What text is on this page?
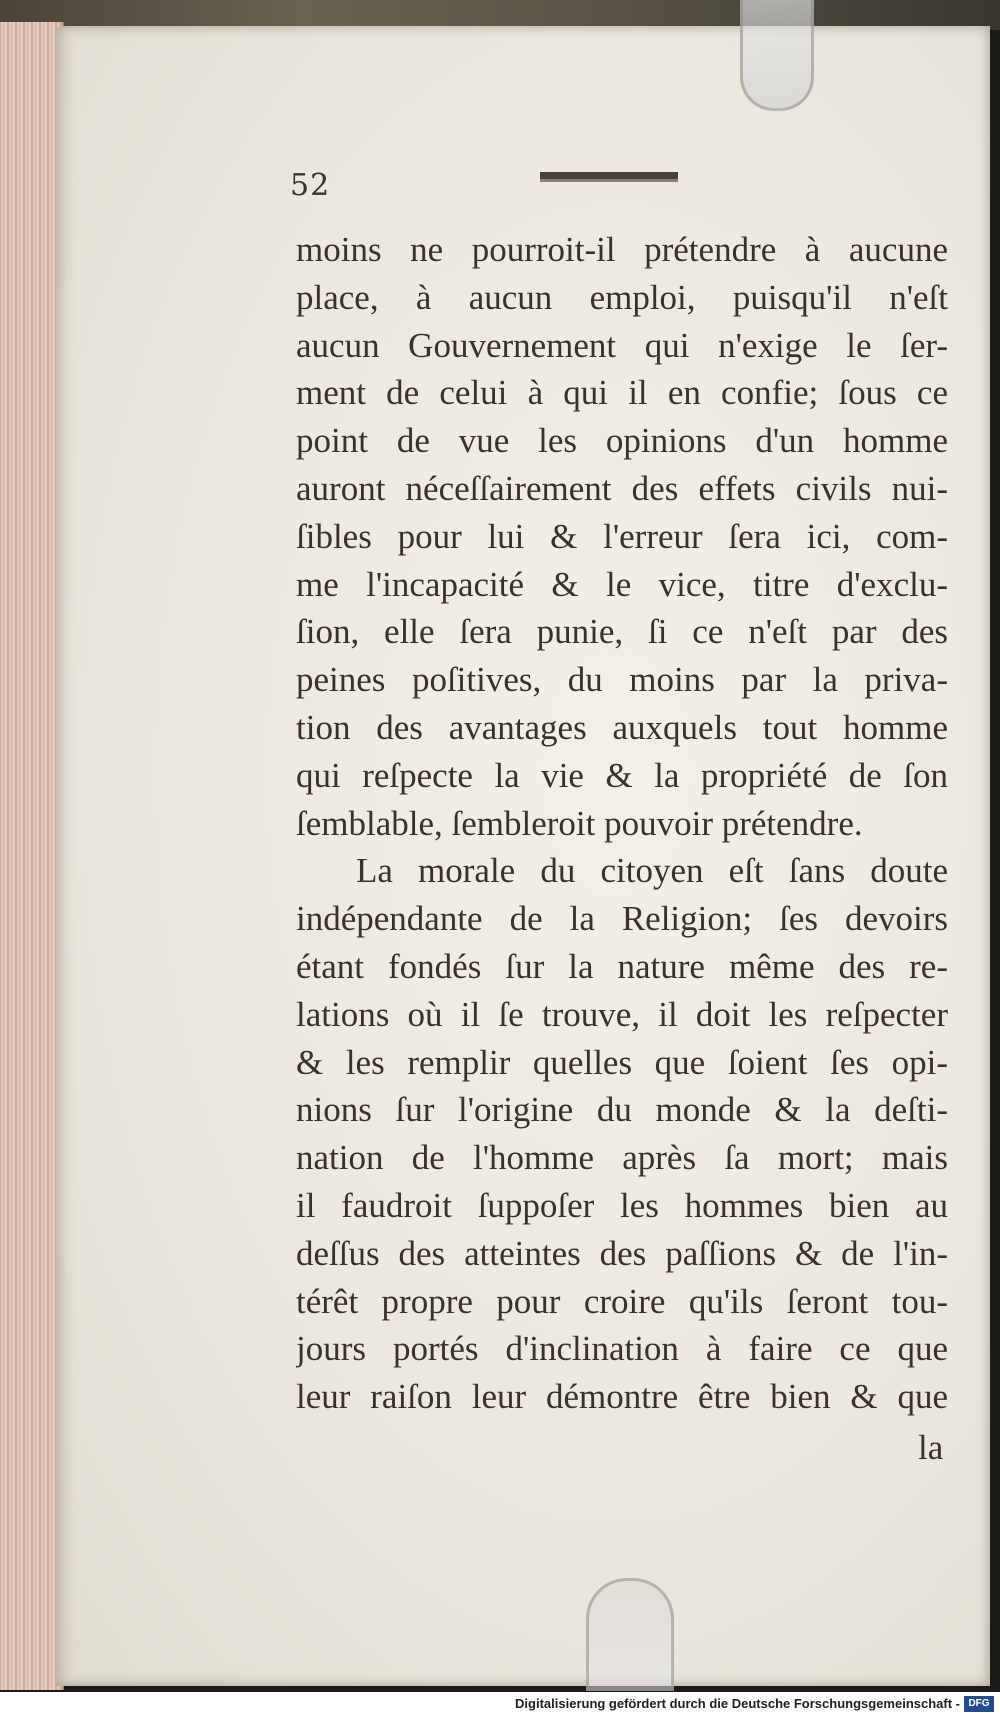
52
moins ne pourroit-il prétendre à aucune
place, à aucun emploi, puisqu'il n'eſt
aucun Gouvernement qui n'exige le ſer-
ment de celui à qui il en confie; ſous ce
point de vue les opinions d'un homme
auront néceſſairement des effets civils nui-
ſibles pour lui & l'erreur ſera ici, com-
me l'incapacité & le vice, titre d'exclu-
ſion, elle ſera punie, ſi ce n'eſt par des
peines poſitives, du moins par la priva-
tion des avantages auxquels tout homme
qui reſpecte la vie & la propriété de ſon
ſemblable, ſembleroit pouvoir prétendre.
La morale du citoyen eſt ſans doute
indépendante de la Religion; ſes devoirs
étant fondés ſur la nature même des re-
lations où il ſe trouve, il doit les reſpecter
& les remplir quelles que ſoient ſes opi-
nions ſur l'origine du monde & la deſti-
nation de l'homme après ſa mort; mais
il faudroit ſuppoſer les hommes bien au
deſſus des atteintes des paſſions & de l'in-
térêt propre pour croire qu'ils ſeront tou-
jours portés d'inclination à faire ce que
leur raiſon leur démontre être bien & que
la
Digitalisierung gefördert durch die Deutsche Forschungsgemeinschaft - DFG
